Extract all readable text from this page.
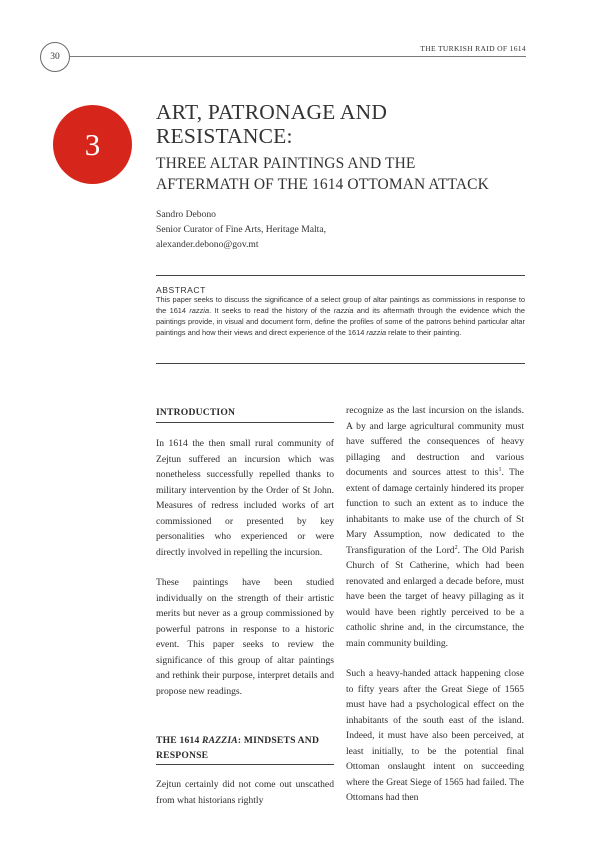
30
THE TURKISH RAID OF 1614
3
ART, PATRONAGE AND
RESISTANCE:
THREE ALTAR PAINTINGS AND THE
AFTERMATH OF THE 1614 OTTOMAN ATTACK
Sandro Debono
Senior Curator of Fine Arts, Heritage Malta,
alexander.debono@gov.mt
ABSTRACT
This paper seeks to discuss the significance of a select group of altar paintings as commissions in response to the 1614 razzia. It seeks to read the history of the razzia and its aftermath through the evidence which the paintings provide, in visual and document form, define the profiles of some of the patrons behind particular altar paintings and how their views and direct experience of the 1614 razzia relate to their painting.
INTRODUCTION

In 1614 the then small rural community of Zejtun suffered an incursion which was nonetheless successfully repelled thanks to military intervention by the Order of St John. Measures of redress included works of art commissioned or presented by key personalities who experienced or were directly involved in repelling the incursion.

These paintings have been studied individually on the strength of their artistic merits but never as a group commissioned by powerful patrons in response to a historic event. This paper seeks to review the significance of this group of altar paintings and rethink their purpose, interpret details and propose new readings.

THE 1614 RAZZIA: MINDSETS AND RESPONSE

Zejtun certainly did not come out unscathed from what historians rightly

recognize as the last incursion on the islands. A by and large agricultural community must have suffered the consequences of heavy pillaging and destruction and various documents and sources attest to this$^1$. The extent of damage certainly hindered its proper function to such an extent as to induce the inhabitants to make use of the church of St Mary Assumption, now dedicated to the Transfiguration of the Lord$^2$. The Old Parish Church of St Catherine, which had been renovated and enlarged a decade before, must have been the target of heavy pillaging as it would have been rightly perceived to be a catholic shrine and, in the circumstance, the main community building.

Such a heavy-handed attack happening close to fifty years after the Great Siege of 1565 must have had a psychological effect on the inhabitants of the south east of the island. Indeed, it must have also been perceived, at least initially, to be the potential final Ottoman onslaught intent on succeeding where the Great Siege of 1565 had failed. The Ottomans had then
